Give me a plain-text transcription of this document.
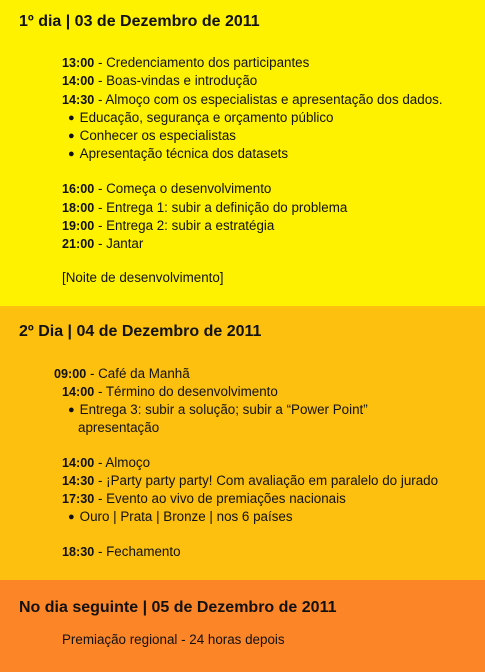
1º dia | 03 de Dezembro de 2011
13:00 - Credenciamento dos participantes
14:00 - Boas-vindas e introdução
14:30 - Almoço com os especialistas e apresentação dos dados.
● Educação, segurança e orçamento público
● Conhecer os especialistas
● Apresentação técnica dos datasets
16:00 - Começa o desenvolvimento
18:00 - Entrega 1: subir a definição do problema
19:00 - Entrega 2: subir a estratégia
21:00 - Jantar
[Noite de desenvolvimento]
2º Dia | 04 de Dezembro de 2011
09:00 - Café da Manhã
14:00 - Término do desenvolvimento
● Entrega 3: subir a solução; subir a “Power Point”
apresentação
14:00 - Almoço
14:30 - ¡Party party party! Com avaliação em paralelo do jurado
17:30 - Evento ao vivo de premiações nacionais
● Ouro | Prata | Bronze | nos 6 países
18:30 - Fechamento
No dia seguinte | 05 de Dezembro de 2011
Premiação regional - 24 horas depois
